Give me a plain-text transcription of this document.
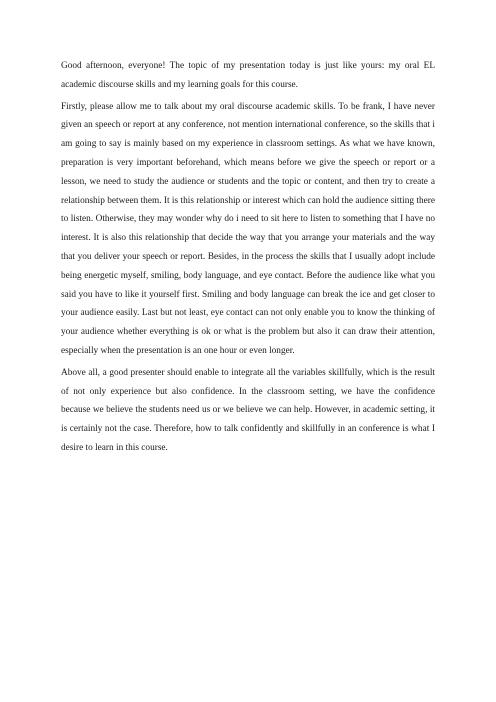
Good afternoon, everyone! The topic of my presentation today is just like yours: my oral EL academic discourse skills and my learning goals for this course.

Firstly, please allow me to talk about my oral discourse academic skills. To be frank, I have never given an speech or report at any conference, not mention international conference, so the skills that i am going to say is mainly based on my experience in classroom settings. As what we have known, preparation is very important beforehand, which means before we give the speech or report or a lesson, we need to study the audience or students and the topic or content, and then try to create a relationship between them. It is this relationship or interest which can hold the audience sitting there to listen. Otherwise, they may wonder why do i need to sit here to listen to something that I have no interest. It is also this relationship that decide the way that you arrange your materials and the way that you deliver your speech or report. Besides, in the process the skills that I usually adopt include being energetic myself, smiling, body language, and eye contact. Before the audience like what you said you have to like it yourself first. Smiling and body language can break the ice and get closer to your audience easily. Last but not least, eye contact can not only enable you to know the thinking of your audience whether everything is ok or what is the problem but also it can draw their attention, especially when the presentation is an one hour or even longer.

Above all, a good presenter should enable to integrate all the variables skillfully, which is the result of not only experience but also confidence. In the classroom setting, we have the confidence because we believe the students need us or we believe we can help. However, in academic setting, it is certainly not the case. Therefore, how to talk confidently and skillfully in an conference is what I desire to learn in this course.
